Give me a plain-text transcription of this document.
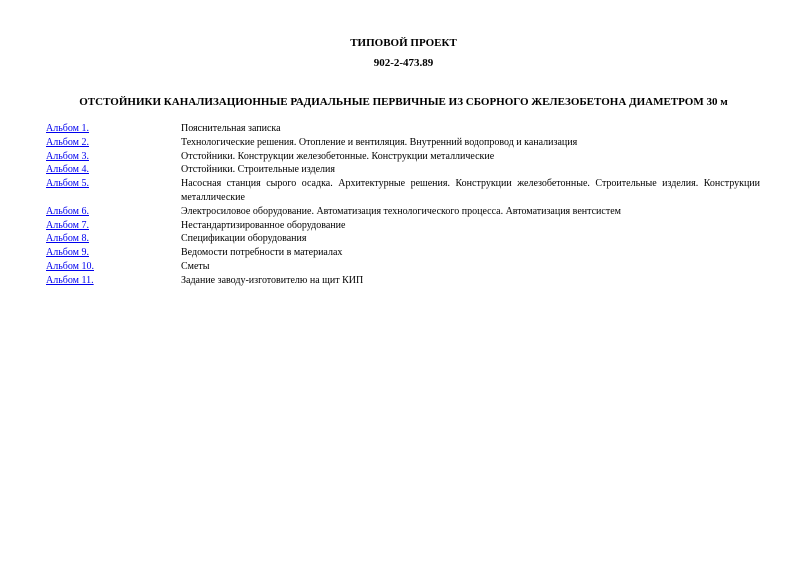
ТИПОВОЙ ПРОЕКТ

902-2-473.89

ОТСТОЙНИКИ КАНАЛИЗАЦИОННЫЕ РАДИАЛЬНЫЕ ПЕРВИЧНЫЕ ИЗ СБОРНОГО ЖЕЛЕЗОБЕТОНА ДИАМЕТРОМ 30 м

Альбом 1.	Пояснительная записка
Альбом 2.	Технологические решения. Отопление и вентиляция. Внутренний водопровод и канализация
Альбом 3.	Отстойники. Конструкции железобетонные. Конструкции металлические
Альбом 4.	Отстойники. Строительные изделия
Альбом 5.	Насосная станция сырого осадка. Архитектурные решения. Конструкции железобетонные. Строительные изделия. Конструкции металлические
Альбом 6.	Электросиловое оборудование. Автоматизация технологического процесса. Автоматизация вентсистем
Альбом 7.	Нестандартизированное оборудование
Альбом 8.	Спецификации оборудования
Альбом 9.	Ведомости потребности в материалах
Альбом 10.	Сметы
Альбом 11.	Задание заводу-изготовителю на щит КИП
